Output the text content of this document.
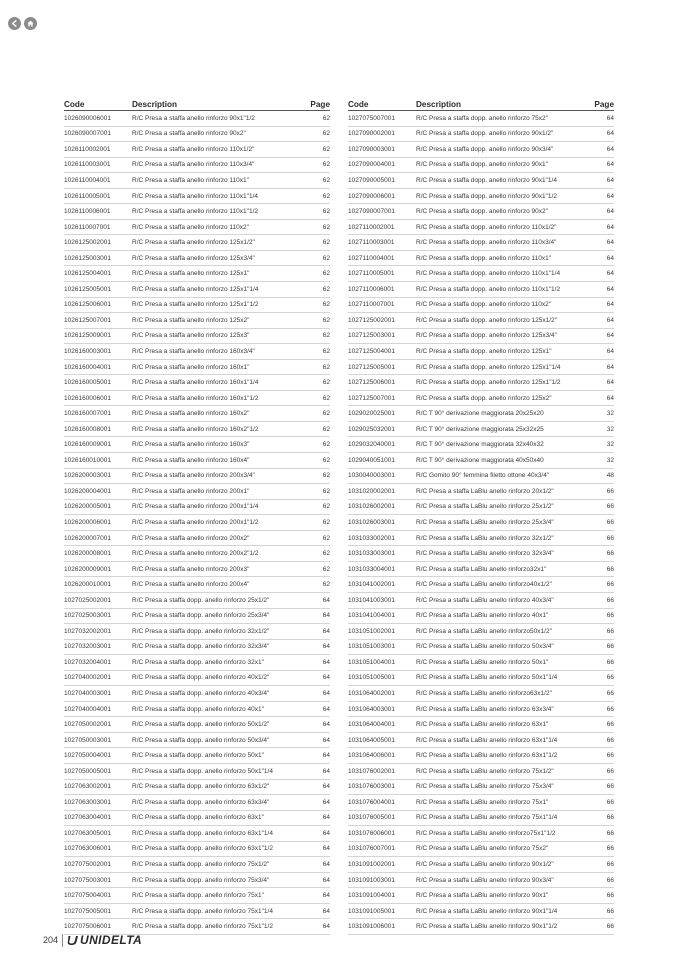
Code	Description	Page
1026090006001	R/C Presa a staffa anello rinforzo 90x1"1/2	62
1026090007001	R/C Presa a staffa anello rinforzo 90x2"	62
1026110002001	R/C Presa a staffa anello rinforzo 110x1/2"	62
1026110003001	R/C Presa a staffa anello rinforzo 110x3/4"	62
1026110004001	R/C Presa a staffa anello rinforzo 110x1"	62
1026110005001	R/C Presa a staffa anello rinforzo 110x1"1/4	62
1026110006001	R/C Presa a staffa anello rinforzo 110x1"1/2	62
1026110007001	R/C Presa a staffa anello rinforzo 110x2"	62
1026125002001	R/C Presa a staffa anello rinforzo 125x1/2"	62
1026125003001	R/C Presa a staffa anello rinforzo 125x3/4"	62
1026125004001	R/C Presa a staffa anello rinforzo 125x1"	62
1026125005001	R/C Presa a staffa anello rinforzo 125x1"1/4	62
1026125006001	R/C Presa a staffa anello rinforzo 125x1"1/2	62
1026125007001	R/C Presa a staffa anello rinforzo 125x2"	62
1026125009001	R/C Presa a staffa anello rinforzo 125x3"	62
1026160003001	R/C Presa a staffa anello rinforzo 160x3/4"	62
1026160004001	R/C Presa a staffa anello rinforzo 160x1"	62
1026160005001	R/C Presa a staffa anello rinforzo 160x1"1/4	62
1026160006001	R/C Presa a staffa anello rinforzo 160x1"1/2	62
1026160007001	R/C Presa a staffa anello rinforzo 160x2"	62
1026160008001	R/C Presa a staffa anello rinforzo 160x2"1/2	62
1026160009001	R/C Presa a staffa anello rinforzo 160x3"	62
1026160010001	R/C Presa a staffa anello rinforzo 160x4"	62
1026200003001	R/C Presa a staffa anello rinforzo 200x3/4"	62
1026200004001	R/C Presa a staffa anello rinforzo 200x1"	62
1026200005001	R/C Presa a staffa anello rinforzo 200x1"1/4	62
1026200006001	R/C Presa a staffa anello rinforzo 200x1"1/2	62
1026200007001	R/C Presa a staffa anello rinforzo 200x2"	62
1026200008001	R/C Presa a staffa anello rinforzo 200x2"1/2	62
1026200009001	R/C Presa a staffa anello rinforzo 200x3"	62
1026200010001	R/C Presa a staffa anello rinforzo 200x4"	62
1027025002001	R/C Presa a staffa dopp. anello rinforzo 25x1/2"	64
1027025003001	R/C Presa a staffa dopp. anello rinforzo 25x3/4"	64
1027032002001	R/C Presa a staffa dopp. anello rinforzo 32x1/2"	64
1027032003001	R/C Presa a staffa dopp. anello rinforzo 32x3/4"	64
1027032004001	R/C Presa a staffa dopp. anello rinforzo 32x1"	64
1027040002001	R/C Presa a staffa dopp. anello rinforzo 40x1/2"	64
1027040003001	R/C Presa a staffa dopp. anello rinforzo 40x3/4"	64
1027040004001	R/C Presa a staffa dopp. anello rinforzo 40x1"	64
1027050002001	R/C Presa a staffa dopp. anello rinforzo 50x1/2"	64
1027050003001	R/C Presa a staffa dopp. anello rinforzo 50x3/4"	64
1027050004001	R/C Presa a staffa dopp. anello rinforzo 50x1"	64
1027050005001	R/C Presa a staffa dopp. anello rinforzo 50x1"1/4	64
1027063002001	R/C Presa a staffa dopp. anello rinforzo 63x1/2"	64
1027063003001	R/C Presa a staffa dopp. anello rinforzo 63x3/4"	64
1027063004001	R/C Presa a staffa dopp. anello rinforzo 63x1"	64
1027063005001	R/C Presa a staffa dopp. anello rinforzo 63x1"1/4	64
1027063006001	R/C Presa a staffa dopp. anello rinforzo 63x1"1/2	64
1027075002001	R/C Presa a staffa dopp. anello rinforzo 75x1/2"	64
1027075003001	R/C Presa a staffa dopp. anello rinforzo 75x3/4"	64
1027075004001	R/C Presa a staffa dopp. anello rinforzo 75x1"	64
1027075005001	R/C Presa a staffa dopp. anello rinforzo 75x1"1/4	64
1027075006001	R/C Presa a staffa dopp. anello rinforzo 75x1"1/2	64
Code	Description	Page
1027075007001	R/C Presa a staffa dopp. anello rinforzo 75x2"	64
1027090002001	R/C Presa a staffa dopp. anello rinforzo 90x1/2"	64
1027090003001	R/C Presa a staffa dopp. anello rinforzo 90x3/4"	64
1027090004001	R/C Presa a staffa dopp. anello rinforzo 90x1"	64
1027090005001	R/C Presa a staffa dopp. anello rinforzo 90x1"1/4	64
1027090006001	R/C Presa a staffa dopp. anello rinforzo 90x1"1/2	64
1027090007001	R/C Presa a staffa dopp. anello rinforzo 90x2"	64
1027110002001	R/C Presa a staffa dopp. anello rinforzo 110x1/2"	64
1027110003001	R/C Presa a staffa dopp. anello rinforzo 110x3/4"	64
1027110004001	R/C Presa a staffa dopp. anello rinforzo 110x1"	64
1027110005001	R/C Presa a staffa dopp. anello rinforzo 110x1"1/4	64
1027110006001	R/C Presa a staffa dopp. anello rinforzo 110x1"1/2	64
1027110007001	R/C Presa a staffa dopp. anello rinforzo 110x2"	64
1027125002001	R/C Presa a staffa dopp. anello rinforzo 125x1/2"	64
1027125003001	R/C Presa a staffa dopp. anello rinforzo 125x3/4"	64
1027125004001	R/C Presa a staffa dopp. anello rinforzo 125x1"	64
1027125005001	R/C Presa a staffa dopp. anello rinforzo 125x1"1/4	64
1027125006001	R/C Presa a staffa dopp. anello rinforzo 125x1"1/2	64
1027125007001	R/C Presa a staffa dopp. anello rinforzo 125x2"	64
1029020025001	R/C T 90° derivazione maggiorata 20x25x20	32
1029025032001	R/C T 90° derivazione maggiorata 25x32x25	32
1029032040001	R/C T 90° derivazione maggiorata 32x40x32	32
1029040051001	R/C T 90° derivazione maggiorata 40x50x40	32
1030040003001	R/C Gomito 90° femmina filetto ottone 40x3/4"	48
1031020002001	R/C Presa a staffa LaBlu anello rinforzo 20x1/2"	66
1031026002001	R/C Presa a staffa LaBlu anello rinforzo 25x1/2"	66
1031026003001	R/C Presa a staffa LaBlu anello rinforzo 25x3/4"	66
1031033002001	R/C Presa a staffa LaBlu anello rinforzo 32x1/2"	66
1031033003001	R/C Presa a staffa LaBlu anello rinforzo 32x3/4"	66
1031033004001	R/C Presa a staffa LaBlu anello rinforzo32x1"	66
1031041002001	R/C Presa a staffa LaBlu anello rinforzo40x1/2"	66
1031041003001	R/C Presa a staffa LaBlu anello rinforzo 40x3/4"	66
1031041004001	R/C Presa a staffa LaBlu anello rinforzo 40x1"	66
1031051002001	R/C Presa a staffa LaBlu anello rinforzo50x1/2"	66
1031051003001	R/C Presa a staffa LaBlu anello rinforzo 50x3/4"	66
1031051004001	R/C Presa a staffa LaBlu anello rinforzo 50x1"	66
1031051005001	R/C Presa a staffa LaBlu anello rinforzo 50x1"1/4	66
1031064002001	R/C Presa a staffa LaBlu anello rinforzo63x1/2"	66
1031064003001	R/C Presa a staffa LaBlu anello rinforzo 63x3/4"	66
1031064004001	R/C Presa a staffa LaBlu anello rinforzo 63x1"	66
1031064005001	R/C Presa a staffa LaBlu anello rinforzo 63x1"1/4	66
1031064006001	R/C Presa a staffa LaBlu anello rinforzo 63x1"1/2	66
1031076002001	R/C Presa a staffa LaBlu anello rinforzo 75x1/2"	66
1031076003001	R/C Presa a staffa LaBlu anello rinforzo 75x3/4"	66
1031076004001	R/C Presa a staffa LaBlu anello rinforzo 75x1"	66
1031076005001	R/C Presa a staffa LaBlu anello rinforzo 75x1"1/4	66
1031076006001	R/C Presa a staffa LaBlu anello rinforzo75x1"1/2	66
1031076007001	R/C Presa a staffa LaBlu anello rinforzo 75x2"	66
1031091002001	R/C Presa a staffa LaBlu anello rinforzo 90x1/2"	66
1031091003001	R/C Presa a staffa LaBlu anello rinforzo 90x3/4"	66
1031091004001	R/C Presa a staffa LaBlu anello rinforzo 90x1"	66
1031091005001	R/C Presa a staffa LaBlu anello rinforzo 90x1"1/4	66
1031091006001	R/C Presa a staffa LaBlu anello rinforzo 90x1"1/2	66
204 UNIDELTA
